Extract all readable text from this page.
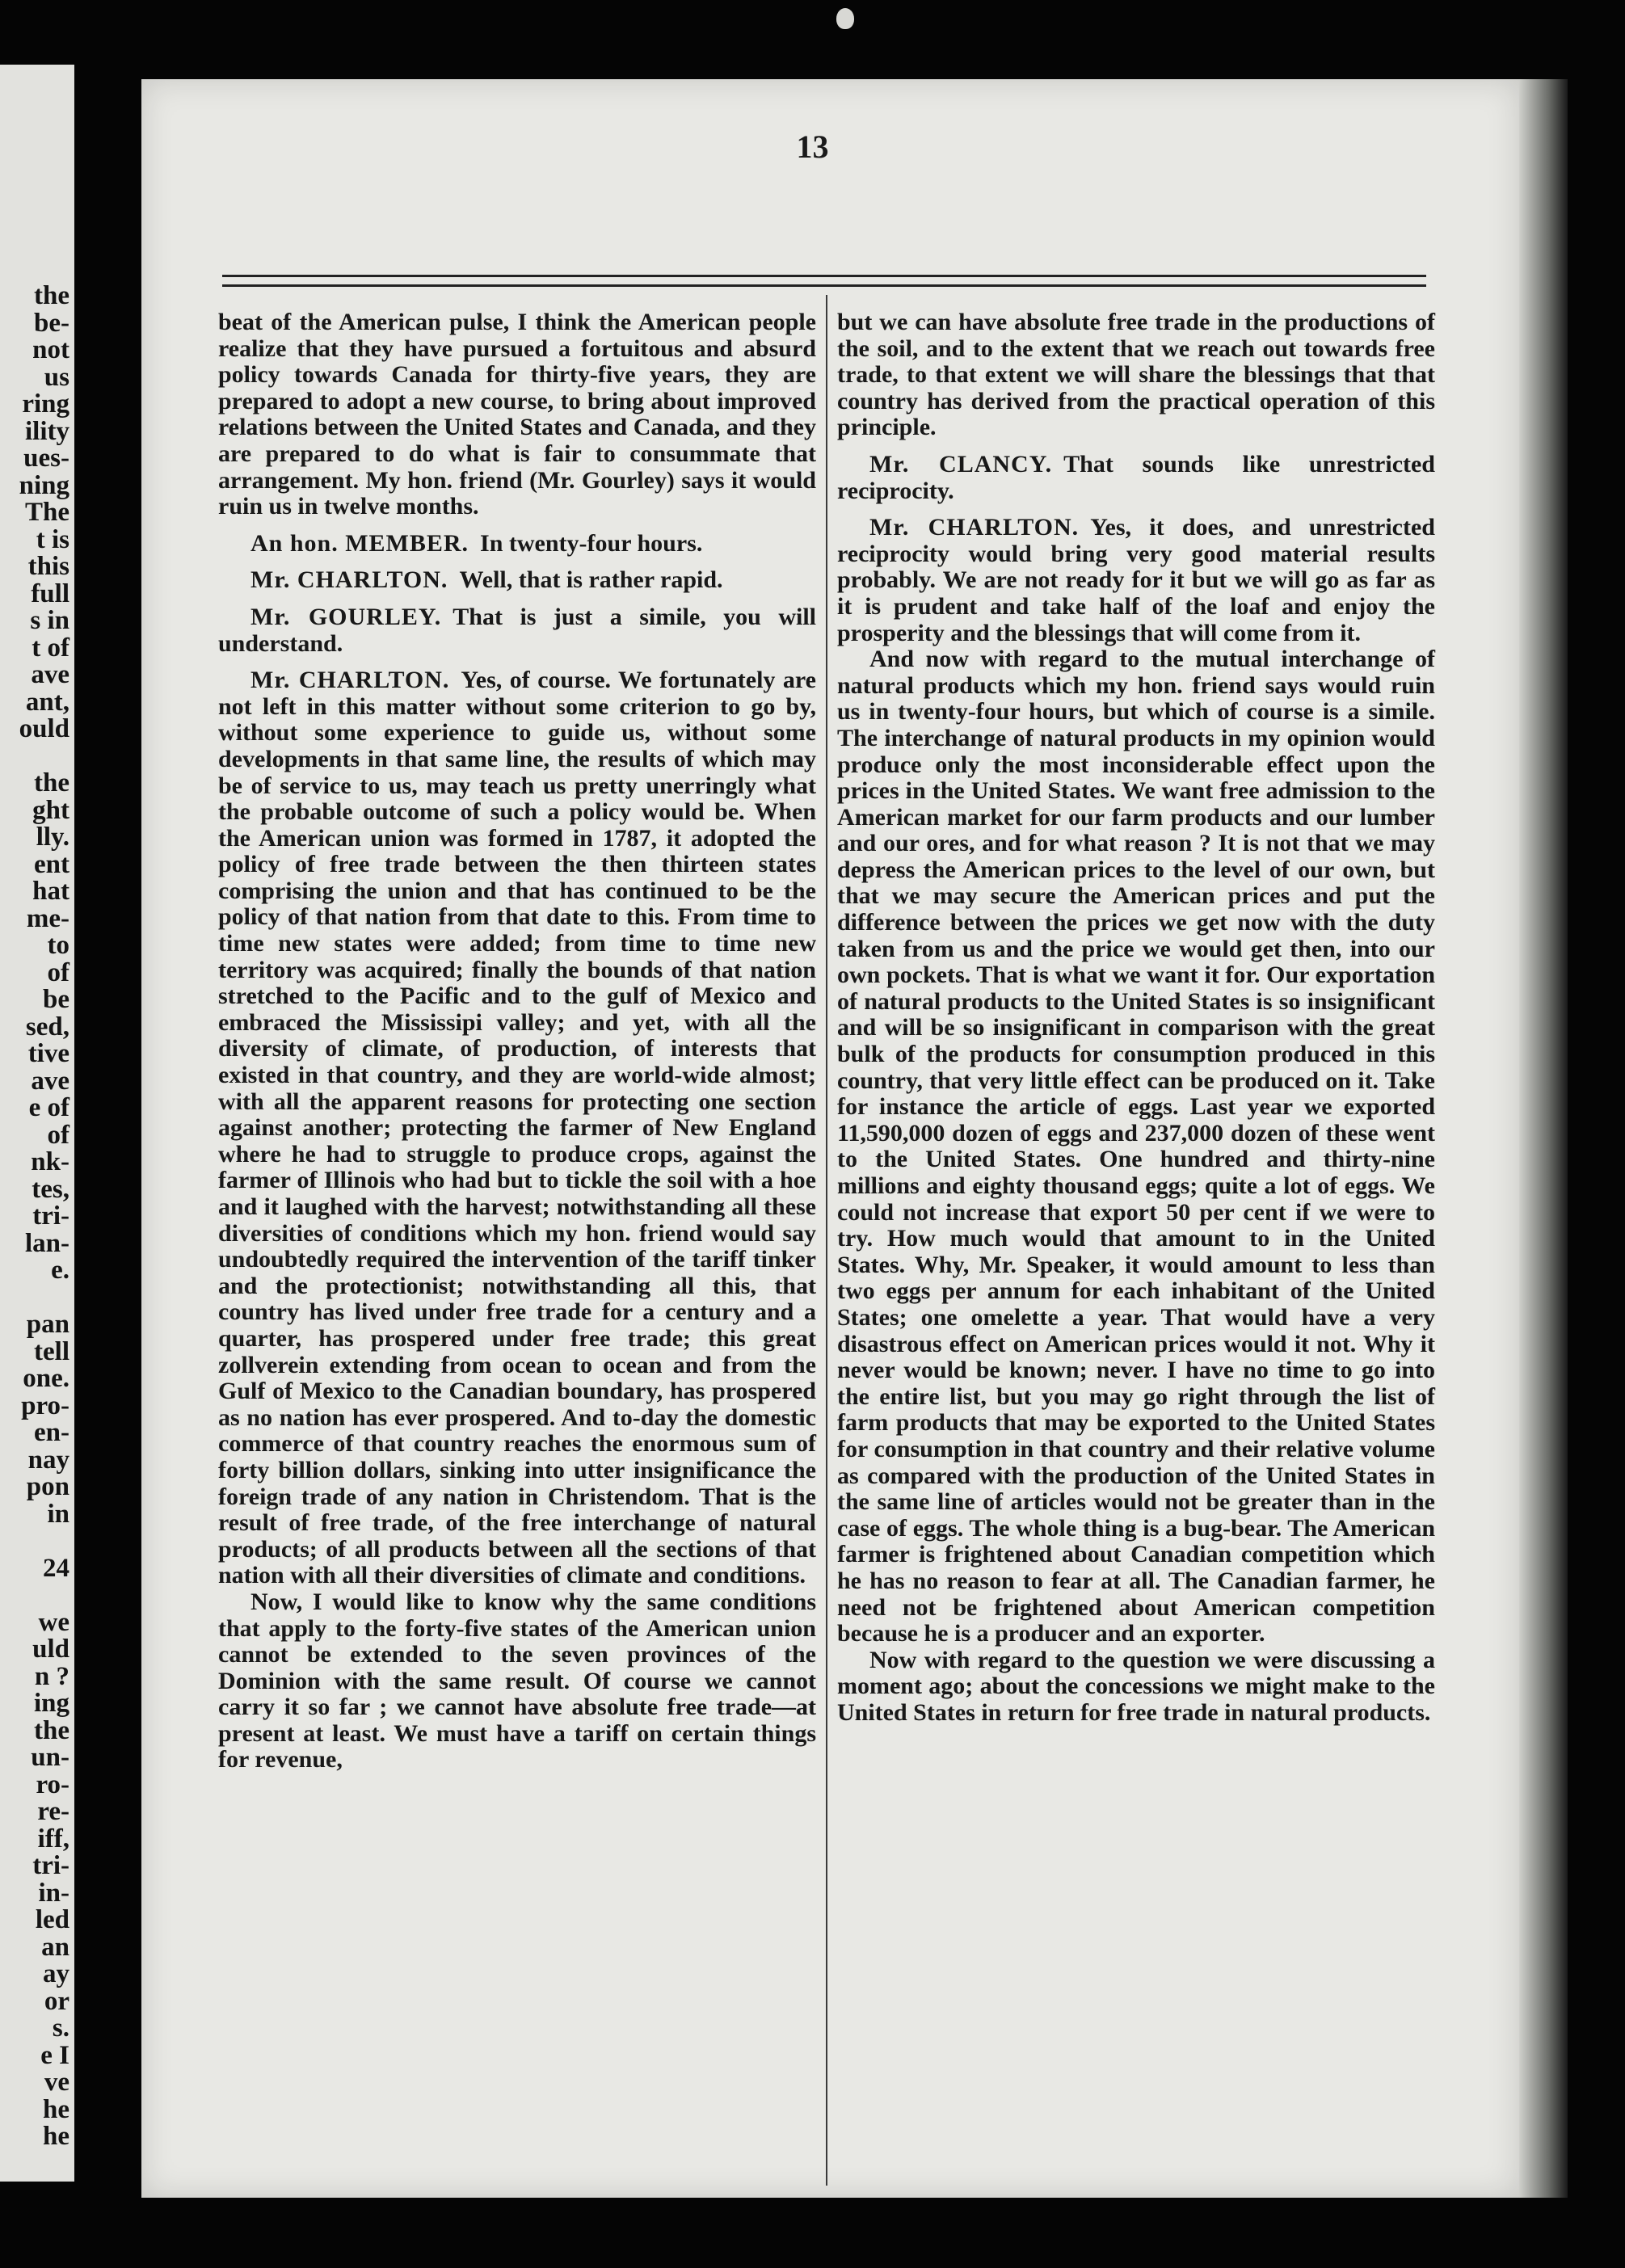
the
be-
not
us
ring
ility
ues-
ning
The
t is
this
full
s in
t of
ave
ant,
ould

the
ght
lly.
ent
hat
me-
to
of
be
sed,
tive
ave
e of
of
nk-
tes,
tri-
lan-
e.

pan
tell
one.
pro-
en-
nay
pon
in

24

we
uld
n ?
ing
the
un-
ro-
re-
iff,
tri-
in-
led
an
ay
or
s.
e I
ve
he
he
13

beat of the American pulse, I think the American people realize that they have pursued a fortuitous and absurd policy towards Canada for thirty-five years, they are prepared to adopt a new course, to bring about improved relations between the United States and Canada, and they are prepared to do what is fair to consummate that arrangement. My hon. friend (Mr. Gourley) says it would ruin us in twelve months.

An hon. MEMBER. In twenty-four hours.

Mr. CHARLTON. Well, that is rather rapid.

Mr. GOURLEY. That is just a simile, you will understand.

Mr. CHARLTON. Yes, of course. We fortunately are not left in this matter without some criterion to go by, without some experience to guide us, without some developments in that same line, the results of which may be of service to us, may teach us pretty unerringly what the probable outcome of such a policy would be. When the American union was formed in 1787, it adopted the policy of free trade between the then thirteen states comprising the union and that has continued to be the policy of that nation from that date to this. From time to time new states were added; from time to time new territory was acquired; finally the bounds of that nation stretched to the Pacific and to the gulf of Mexico and embraced the Mississipi valley; and yet, with all the diversity of climate, of production, of interests that existed in that country, and they are world-wide almost; with all the apparent reasons for protecting one section against another; protecting the farmer of New England where he had to struggle to produce crops, against the farmer of Illinois who had but to tickle the soil with a hoe and it laughed with the harvest; notwithstanding all these diversities of conditions which my hon. friend would say undoubtedly required the intervention of the tariff tinker and the protectionist; notwithstanding all this, that country has lived under free trade for a century and a quarter, has prospered under free trade; this great zollverein extending from ocean to ocean and from the Gulf of Mexico to the Canadian boundary, has prospered as no nation has ever prospered. And to-day the domestic commerce of that country reaches the enormous sum of forty billion dollars, sinking into utter insignificance the foreign trade of any nation in Christendom. That is the result of free trade, of the free interchange of natural products; of all products between all the sections of that nation with all their diversities of climate and conditions.

Now, I would like to know why the same conditions that apply to the forty-five states of the American union cannot be extended to the seven provinces of the Dominion with the same result. Of course we cannot carry it so far ; we cannot have absolute free trade—at present at least. We must have a tariff on certain things for revenue,

but we can have absolute free trade in the productions of the soil, and to the extent that we reach out towards free trade, to that extent we will share the blessings that that country has derived from the practical operation of this principle.

Mr. CLANCY. That sounds like unrestricted reciprocity.

Mr. CHARLTON. Yes, it does, and unrestricted reciprocity would bring very good material results probably. We are not ready for it but we will go as far as it is prudent and take half of the loaf and enjoy the prosperity and the blessings that will come from it.

And now with regard to the mutual interchange of natural products which my hon. friend says would ruin us in twenty-four hours, but which of course is a simile. The interchange of natural products in my opinion would produce only the most inconsiderable effect upon the prices in the United States. We want free admission to the American market for our farm products and our lumber and our ores, and for what reason ? It is not that we may depress the American prices to the level of our own, but that we may secure the American prices and put the difference between the prices we get now with the duty taken from us and the price we would get then, into our own pockets. That is what we want it for. Our exportation of natural products to the United States is so insignificant and will be so insignificant in comparison with the great bulk of the products for consumption produced in this country, that very little effect can be produced on it. Take for instance the article of eggs. Last year we exported 11,590,000 dozen of eggs and 237,000 dozen of these went to the United States. One hundred and thirty-nine millions and eighty thousand eggs; quite a lot of eggs. We could not increase that export 50 per cent if we were to try. How much would that amount to in the United States. Why, Mr. Speaker, it would amount to less than two eggs per annum for each inhabitant of the United States; one omelette a year. That would have a very disastrous effect on American prices would it not. Why it never would be known; never. I have no time to go into the entire list, but you may go right through the list of farm products that may be exported to the United States for consumption in that country and their relative volume as compared with the production of the United States in the same line of articles would not be greater than in the case of eggs. The whole thing is a bug-bear. The American farmer is frightened about Canadian competition which he has no reason to fear at all. The Canadian farmer, he need not be frightened about American competition because he is a producer and an exporter.

Now with regard to the question we were discussing a moment ago; about the concessions we might make to the United States in return for free trade in natural products.
